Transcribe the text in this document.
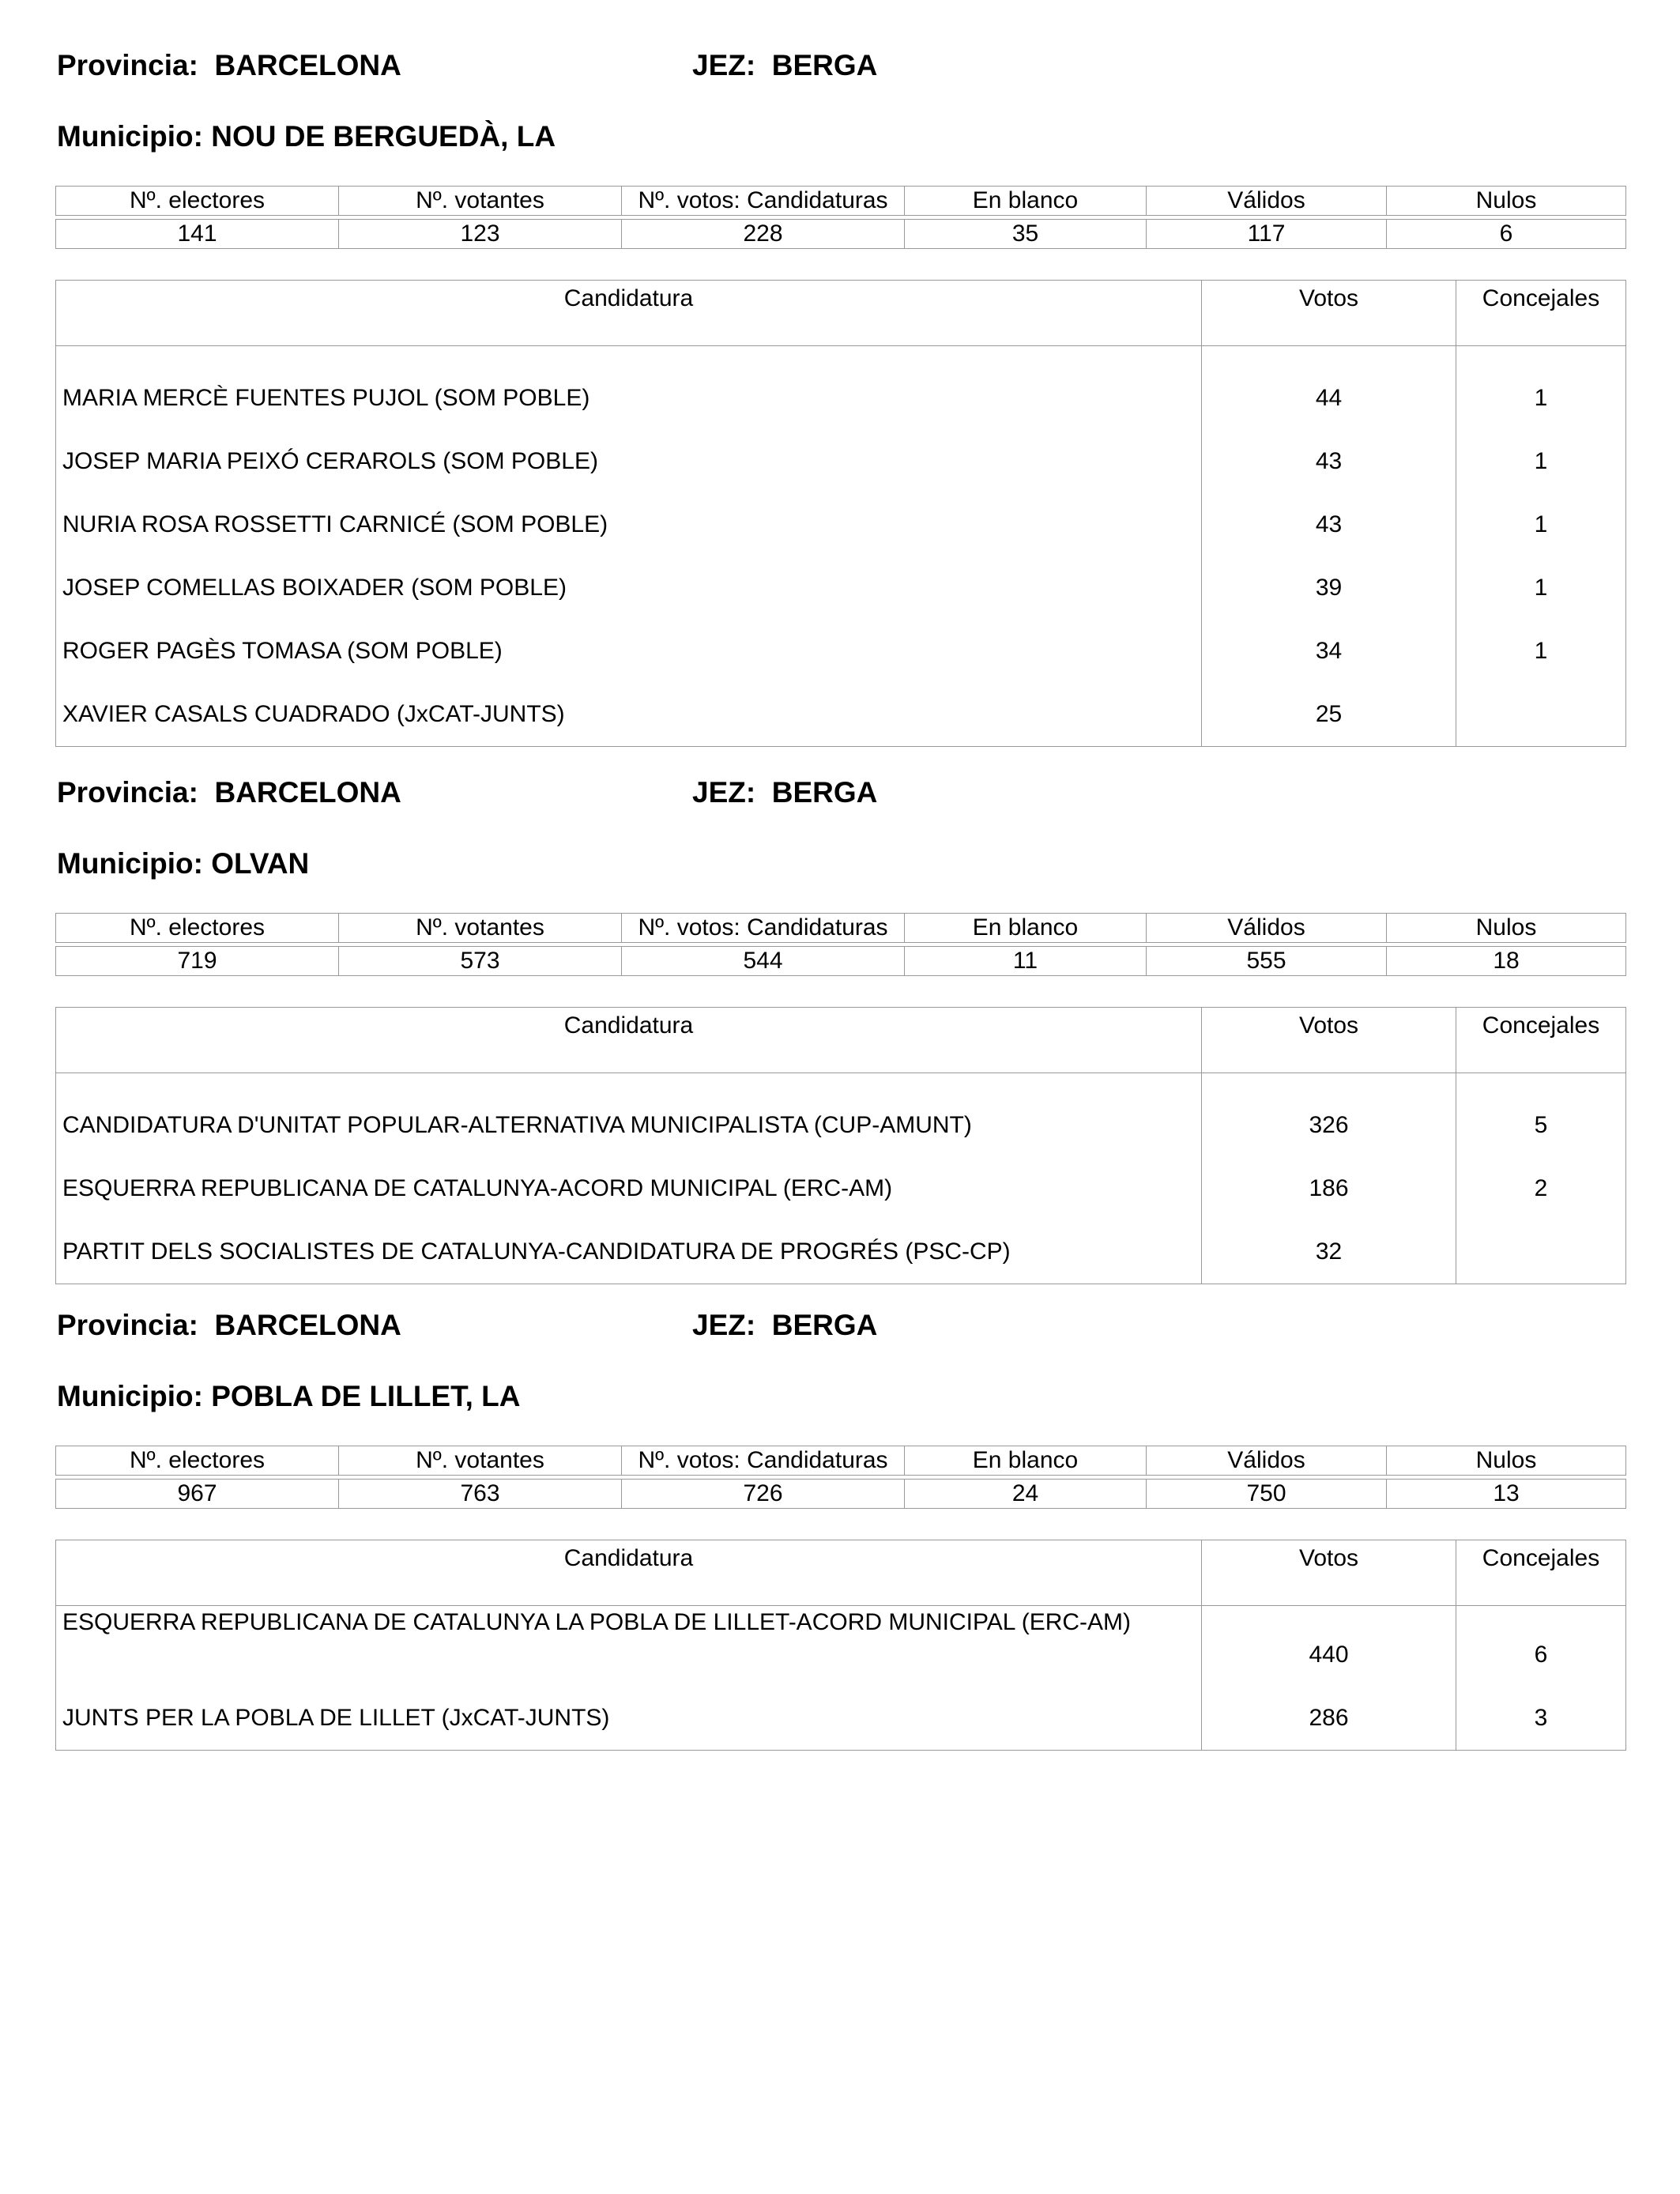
Provincia: BARCELONA	JEZ: BERGA
Municipio: NOU DE BERGUEDÀ, LA
Nº. electores	Nº. votantes	Nº. votos: Candidaturas	En blanco	Válidos	Nulos

141	123	228	35	117	6
Candidatura	Votos	Concejales
MARIA MERCÈ FUENTES PUJOL (SOM POBLE)	44	1
JOSEP MARIA PEIXÓ CERAROLS (SOM POBLE)	43	1
NURIA ROSA ROSSETTI CARNICÉ (SOM POBLE)	43	1
JOSEP COMELLAS BOIXADER (SOM POBLE)	39	1
ROGER PAGÈS TOMASA (SOM POBLE)	34	1
XAVIER CASALS CUADRADO (JxCAT-JUNTS)	25	
Provincia: BARCELONA	JEZ: BERGA
Municipio: OLVAN
Nº. electores	Nº. votantes	Nº. votos: Candidaturas	En blanco	Válidos	Nulos

719	573	544	11	555	18
Candidatura	Votos	Concejales
CANDIDATURA D'UNITAT POPULAR-ALTERNATIVA MUNICIPALISTA (CUP-AMUNT)	326	5
ESQUERRA REPUBLICANA DE CATALUNYA-ACORD MUNICIPAL (ERC-AM)	186	2
PARTIT DELS SOCIALISTES DE CATALUNYA-CANDIDATURA DE PROGRÉS (PSC-CP)	32	
Provincia: BARCELONA	JEZ: BERGA
Municipio: POBLA DE LILLET, LA
Nº. electores	Nº. votantes	Nº. votos: Candidaturas	En blanco	Válidos	Nulos

967	763	726	24	750	13
Candidatura	Votos	Concejales
ESQUERRA REPUBLICANA DE CATALUNYA LA POBLA DE LILLET-ACORD MUNICIPAL (ERC-AM)	440	6
JUNTS PER LA POBLA DE LILLET (JxCAT-JUNTS)	286	3
